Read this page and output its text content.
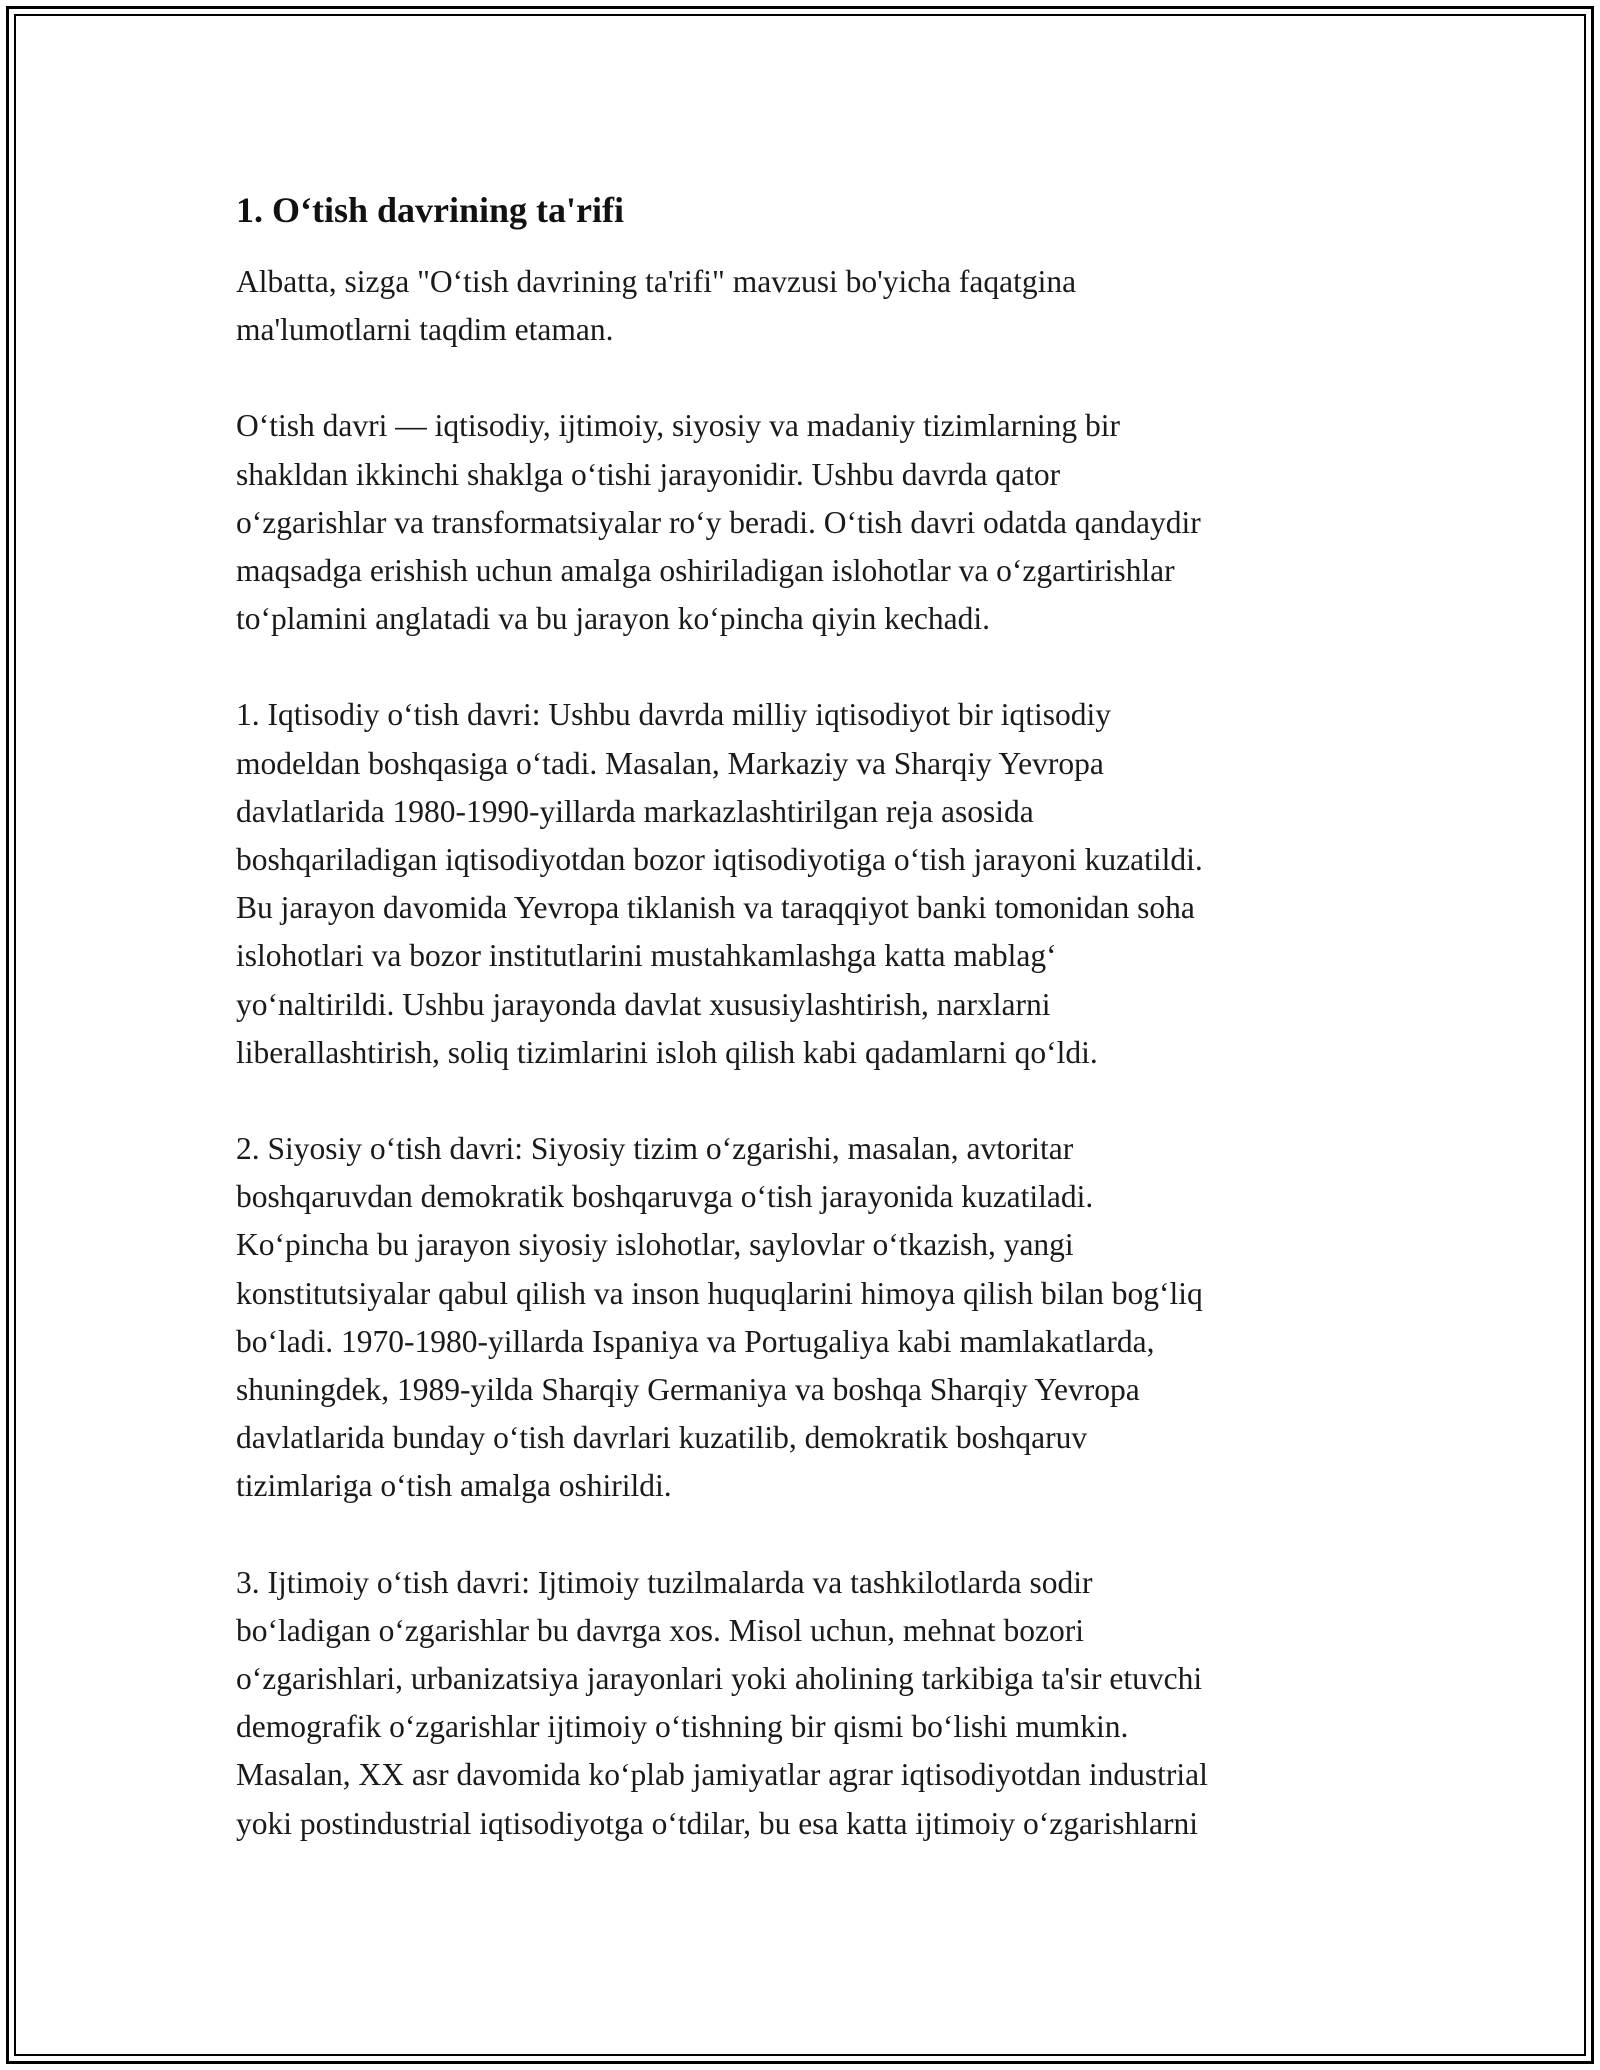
1. O‘tish davrining ta'rifi

Albatta, sizga "O‘tish davrining ta'rifi" mavzusi bo'yicha faqatgina
ma'lumotlarni taqdim etaman.

O‘tish davri — iqtisodiy, ijtimoiy, siyosiy va madaniy tizimlarning bir
shakldan ikkinchi shaklga o‘tishi jarayonidir. Ushbu davrda qator
o‘zgarishlar va transformatsiyalar ro‘y beradi. O‘tish davri odatda qandaydir
maqsadga erishish uchun amalga oshiriladigan islohotlar va o‘zgartirishlar
to‘plamini anglatadi va bu jarayon ko‘pincha qiyin kechadi.

1. Iqtisodiy o‘tish davri: Ushbu davrda milliy iqtisodiyot bir iqtisodiy
modeldan boshqasiga o‘tadi. Masalan, Markaziy va Sharqiy Yevropa
davlatlarida 1980-1990-yillarda markazlashtirilgan reja asosida
boshqariladigan iqtisodiyotdan bozor iqtisodiyotiga o‘tish jarayoni kuzatildi.
Bu jarayon davomida Yevropa tiklanish va taraqqiyot banki tomonidan soha
islohotlari va bozor institutlarini mustahkamlashga katta mablag‘
yo‘naltirildi. Ushbu jarayonda davlat xususiylashtirish, narxlarni
liberallashtirish, soliq tizimlarini isloh qilish kabi qadamlarni qo‘ldi.

2. Siyosiy o‘tish davri: Siyosiy tizim o‘zgarishi, masalan, avtoritar
boshqaruvdan demokratik boshqaruvga o‘tish jarayonida kuzatiladi.
Ko‘pincha bu jarayon siyosiy islohotlar, saylovlar o‘tkazish, yangi
konstitutsiyalar qabul qilish va inson huquqlarini himoya qilish bilan bog‘liq
bo‘ladi. 1970-1980-yillarda Ispaniya va Portugaliya kabi mamlakatlarda,
shuningdek, 1989-yilda Sharqiy Germaniya va boshqa Sharqiy Yevropa
davlatlarida bunday o‘tish davrlari kuzatilib, demokratik boshqaruv
tizimlariga o‘tish amalga oshirildi.

3. Ijtimoiy o‘tish davri: Ijtimoiy tuzilmalarda va tashkilotlarda sodir
bo‘ladigan o‘zgarishlar bu davrga xos. Misol uchun, mehnat bozori
o‘zgarishlari, urbanizatsiya jarayonlari yoki aholining tarkibiga ta'sir etuvchi
demografik o‘zgarishlar ijtimoiy o‘tishning bir qismi bo‘lishi mumkin.
Masalan, XX asr davomida ko‘plab jamiyatlar agrar iqtisodiyotdan industrial
yoki postindustrial iqtisodiyotga o‘tdilar, bu esa katta ijtimoiy o‘zgarishlarni
